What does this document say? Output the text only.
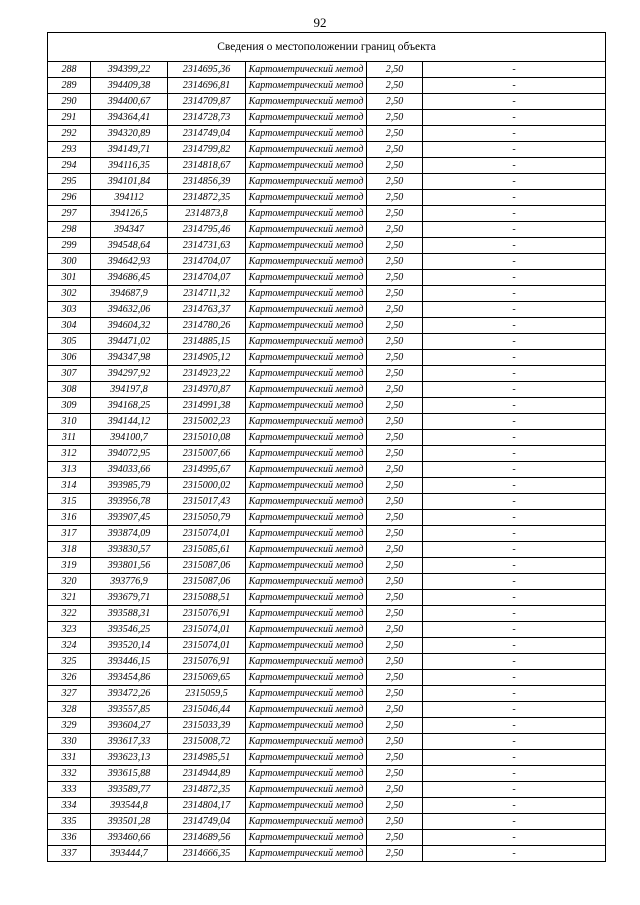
92
Сведения о местоположении границ объекта					
288	394399,22	2314695,36	Картометрический метод	2,50	-
289	394409,38	2314696,81	Картометрический метод	2,50	-
290	394400,67	2314709,87	Картометрический метод	2,50	-
291	394364,41	2314728,73	Картометрический метод	2,50	-
292	394320,89	2314749,04	Картометрический метод	2,50	-
293	394149,71	2314799,82	Картометрический метод	2,50	-
294	394116,35	2314818,67	Картометрический метод	2,50	-
295	394101,84	2314856,39	Картометрический метод	2,50	-
296	394112	2314872,35	Картометрический метод	2,50	-
297	394126,5	2314873,8	Картометрический метод	2,50	-
298	394347	2314795,46	Картометрический метод	2,50	-
299	394548,64	2314731,63	Картометрический метод	2,50	-
300	394642,93	2314704,07	Картометрический метод	2,50	-
301	394686,45	2314704,07	Картометрический метод	2,50	-
302	394687,9	2314711,32	Картометрический метод	2,50	-
303	394632,06	2314763,37	Картометрический метод	2,50	-
304	394604,32	2314780,26	Картометрический метод	2,50	-
305	394471,02	2314885,15	Картометрический метод	2,50	-
306	394347,98	2314905,12	Картометрический метод	2,50	-
307	394297,92	2314923,22	Картометрический метод	2,50	-
308	394197,8	2314970,87	Картометрический метод	2,50	-
309	394168,25	2314991,38	Картометрический метод	2,50	-
310	394144,12	2315002,23	Картометрический метод	2,50	-
311	394100,7	2315010,08	Картометрический метод	2,50	-
312	394072,95	2315007,66	Картометрический метод	2,50	-
313	394033,66	2314995,67	Картометрический метод	2,50	-
314	393985,79	2315000,02	Картометрический метод	2,50	-
315	393956,78	2315017,43	Картометрический метод	2,50	-
316	393907,45	2315050,79	Картометрический метод	2,50	-
317	393874,09	2315074,01	Картометрический метод	2,50	-
318	393830,57	2315085,61	Картометрический метод	2,50	-
319	393801,56	2315087,06	Картометрический метод	2,50	-
320	393776,9	2315087,06	Картометрический метод	2,50	-
321	393679,71	2315088,51	Картометрический метод	2,50	-
322	393588,31	2315076,91	Картометрический метод	2,50	-
323	393546,25	2315074,01	Картометрический метод	2,50	-
324	393520,14	2315074,01	Картометрический метод	2,50	-
325	393446,15	2315076,91	Картометрический метод	2,50	-
326	393454,86	2315069,65	Картометрический метод	2,50	-
327	393472,26	2315059,5	Картометрический метод	2,50	-
328	393557,85	2315046,44	Картометрический метод	2,50	-
329	393604,27	2315033,39	Картометрический метод	2,50	-
330	393617,33	2315008,72	Картометрический метод	2,50	-
331	393623,13	2314985,51	Картометрический метод	2,50	-
332	393615,88	2314944,89	Картометрический метод	2,50	-
333	393589,77	2314872,35	Картометрический метод	2,50	-
334	393544,8	2314804,17	Картометрический метод	2,50	-
335	393501,28	2314749,04	Картометрический метод	2,50	-
336	393460,66	2314689,56	Картометрический метод	2,50	-
337	393444,7	2314666,35	Картометрический метод	2,50	-
